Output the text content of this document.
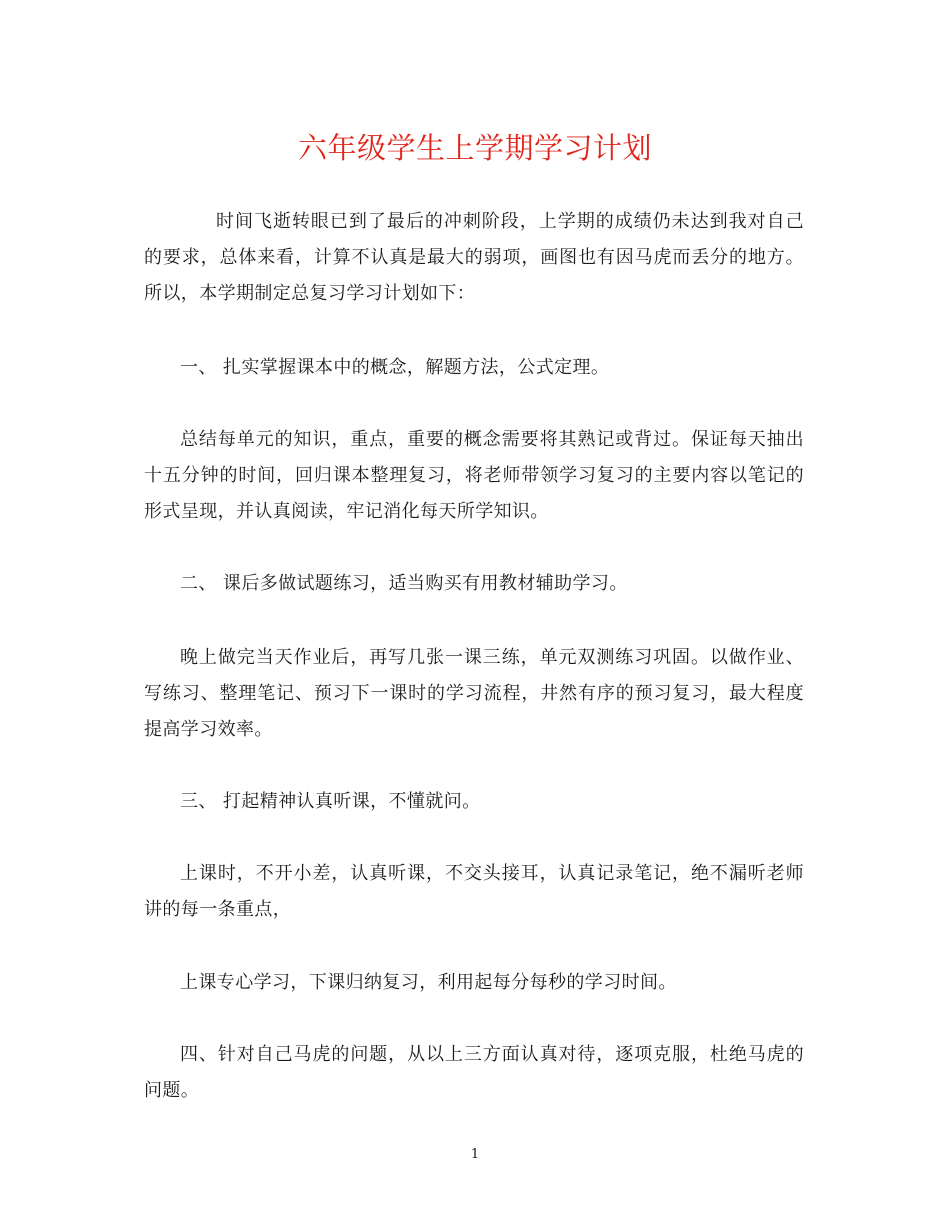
六年级学生上学期学习计划

时间飞逝转眼已到了最后的冲刺阶段，上学期的成绩仍未达到我对自己的要求，总体来看，计算不认真是最大的弱项，画图也有因马虎而丢分的地方。所以，本学期制定总复习学习计划如下：

一、 扎实掌握课本中的概念，解题方法，公式定理。

总结每单元的知识，重点，重要的概念需要将其熟记或背过。保证每天抽出十五分钟的时间，回归课本整理复习，将老师带领学习复习的主要内容以笔记的形式呈现，并认真阅读，牢记消化每天所学知识。

二、 课后多做试题练习，适当购买有用教材辅助学习。

晚上做完当天作业后，再写几张一课三练，单元双测练习巩固。以做作业、写练习、整理笔记、预习下一课时的学习流程，井然有序的预习复习，最大程度提高学习效率。

三、 打起精神认真听课，不懂就问。

上课时，不开小差，认真听课，不交头接耳，认真记录笔记，绝不漏听老师讲的每一条重点，

上课专心学习，下课归纳复习，利用起每分每秒的学习时间。

四、针对自己马虎的问题，从以上三方面认真对待，逐项克服，杜绝马虎的问题。

1
